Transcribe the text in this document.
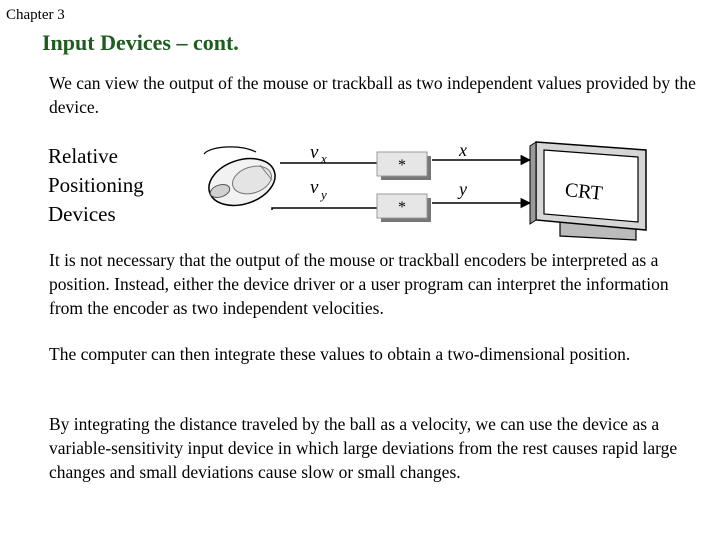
Chapter 3
Input Devices – cont.

We can view the output of the mouse or trackball as two independent values provided by the device.

Relative
Positioning
Devices
*
*
v x
v y
x
y	CRT

It is not necessary that the output of the mouse or trackball encoders be interpreted as a position. Instead, either the device driver or a user program can interpret the information from the encoder as two independent velocities.

The computer can then integrate these values to obtain a two-dimensional position.

By integrating the distance traveled by the ball as a velocity, we can use the device as a variable-sensitivity input device in which large deviations from the rest causes rapid large changes and small deviations cause slow or small changes.
